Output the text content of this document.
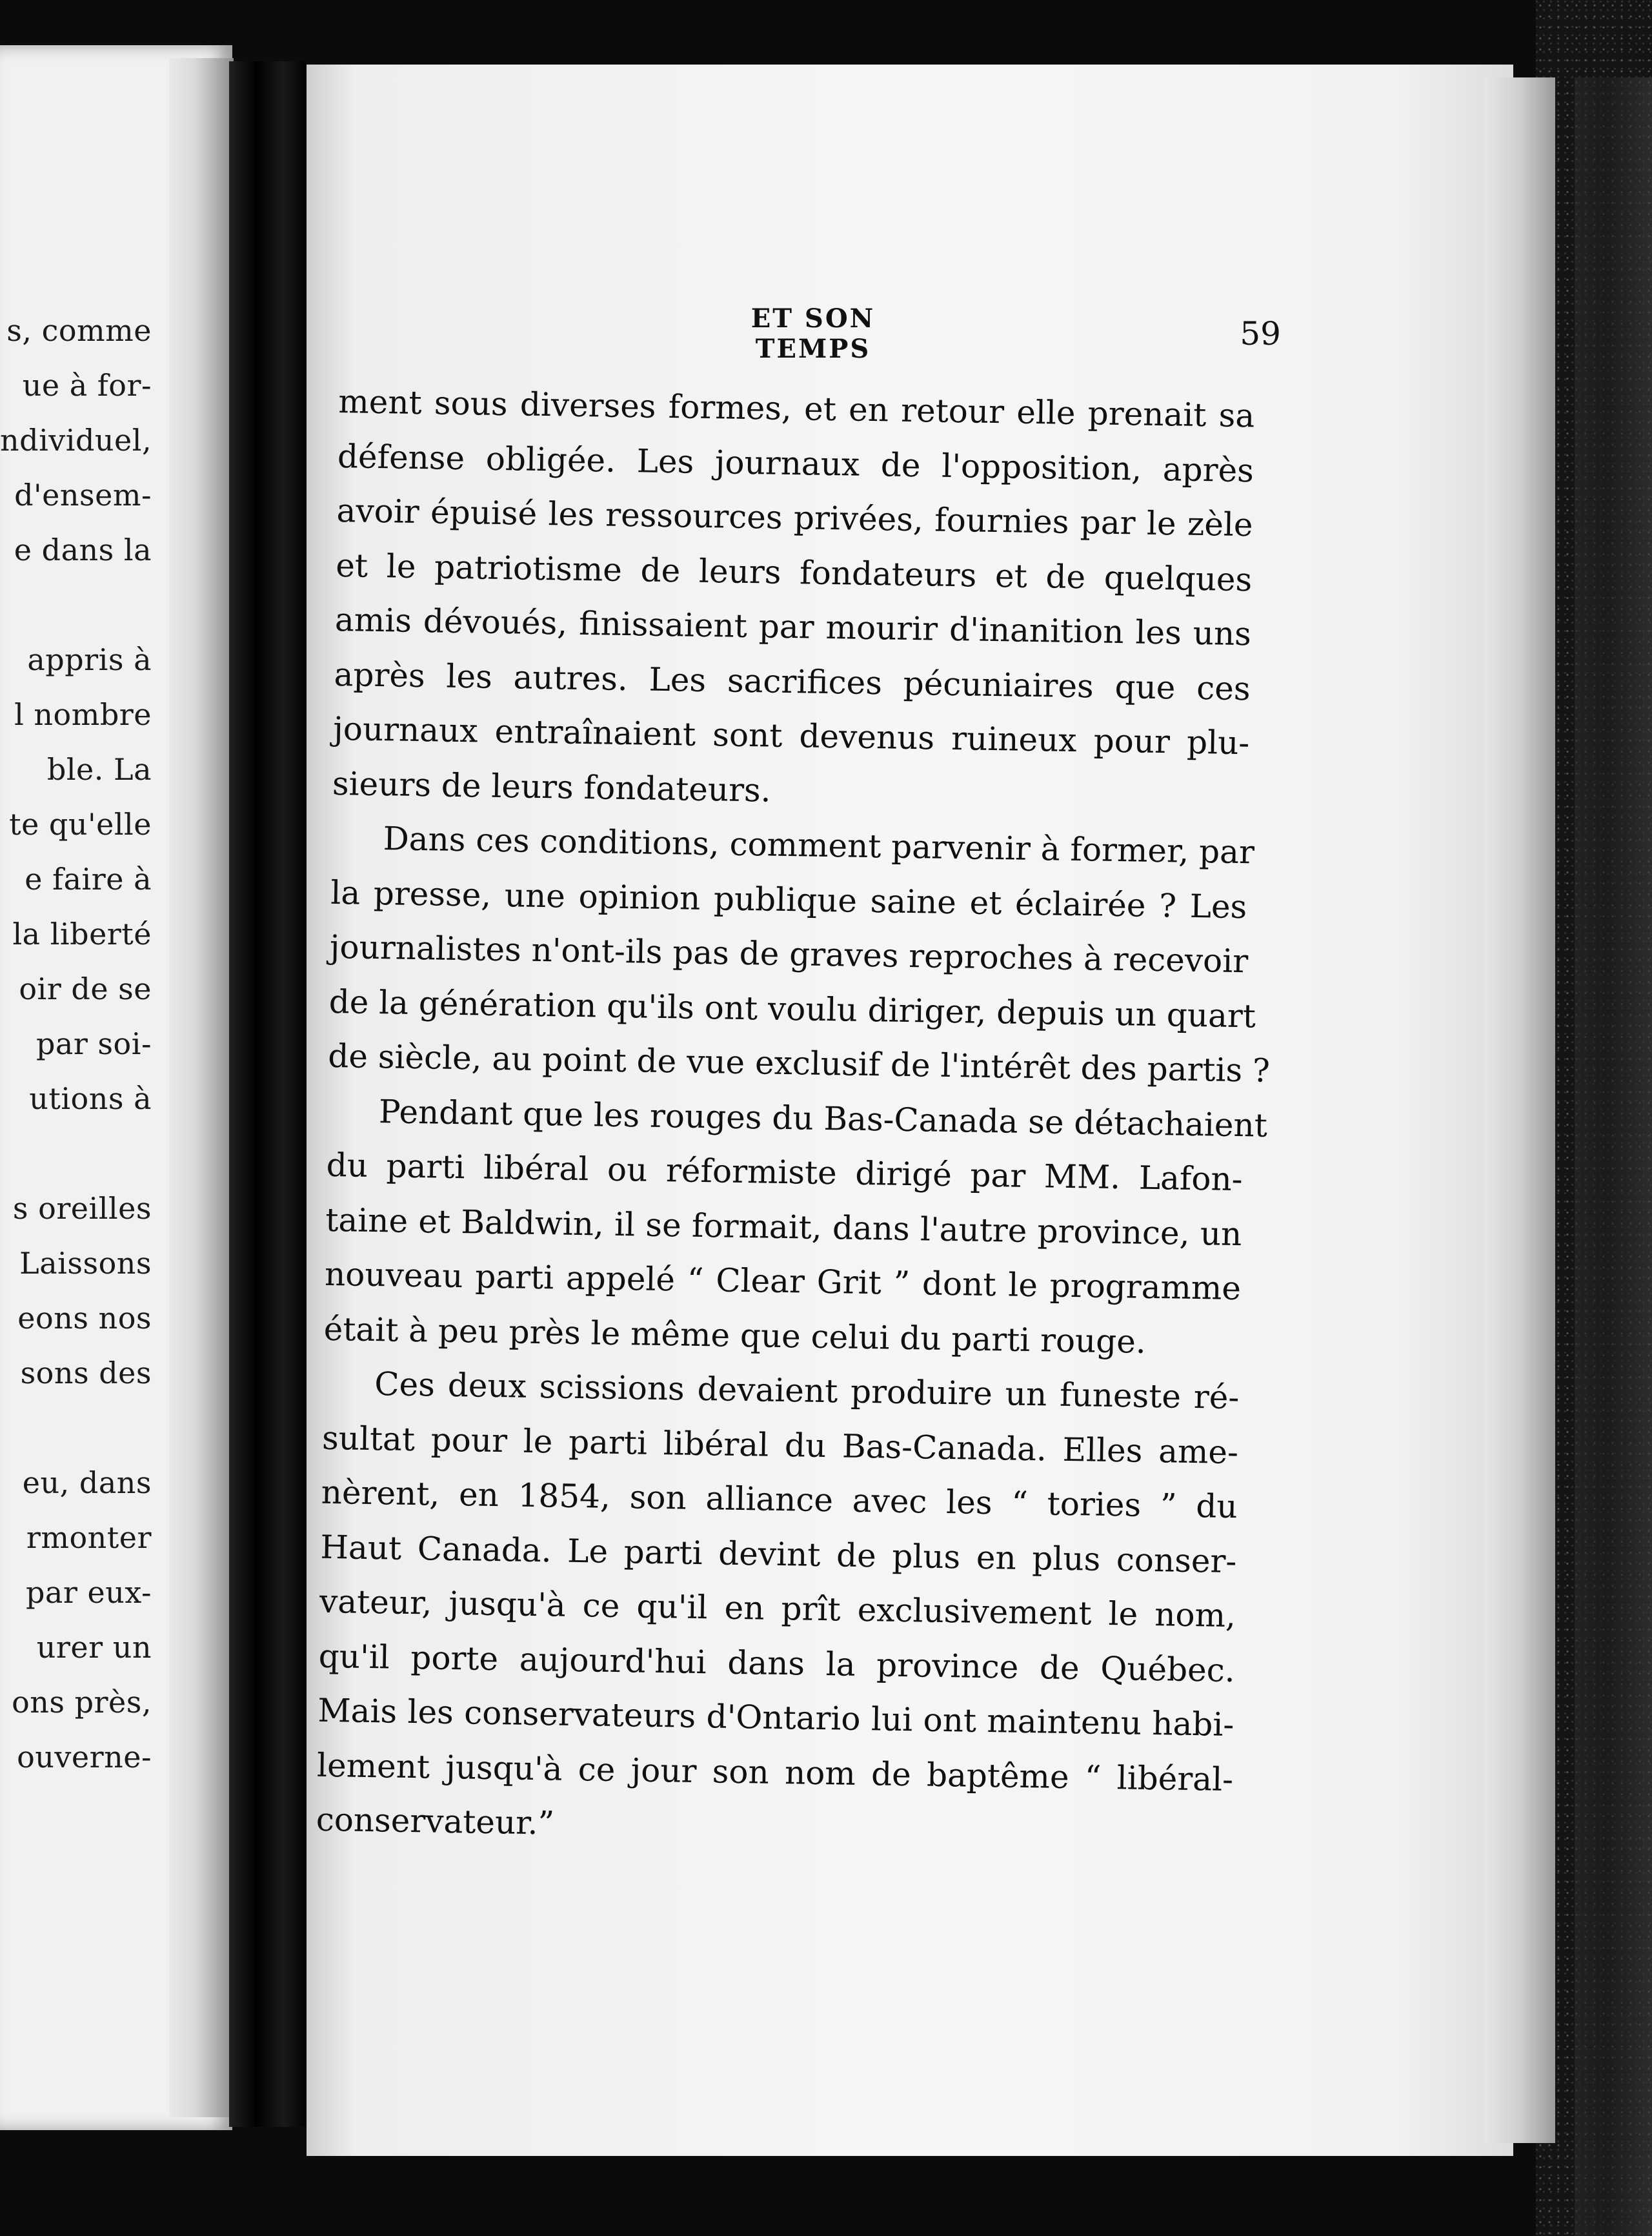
s, comme
ue à for-
ndividuel,
d'ensem-
e dans la
appris à
l nombre
ble. La
te qu'elle
e faire à
la liberté
oir de se
par soi-
utions à
s oreilles
Laissons
eons nos
sons des
eu, dans
rmonter
par eux-
urer un
ons près,
ouverne-
ET SON TEMPS	59
ment sous diverses formes, et en retour elle prenait sa
défense obligée. Les journaux de l'opposition, après
avoir épuisé les ressources privées, fournies par le zèle
et le patriotisme de leurs fondateurs et de quelques
amis dévoués, finissaient par mourir d'inanition les uns
après les autres. Les sacrifices pécuniaires que ces
journaux entraînaient sont devenus ruineux pour plu-
sieurs de leurs fondateurs.
Dans ces conditions, comment parvenir à former, par
la presse, une opinion publique saine et éclairée ? Les
journalistes n'ont-ils pas de graves reproches à recevoir
de la génération qu'ils ont voulu diriger, depuis un quart
de siècle, au point de vue exclusif de l'intérêt des partis ?
Pendant que les rouges du Bas-Canada se détachaient
du parti libéral ou réformiste dirigé par MM. Lafon-
taine et Baldwin, il se formait, dans l'autre province, un
nouveau parti appelé “ Clear Grit ” dont le programme
était à peu près le même que celui du parti rouge.
Ces deux scissions devaient produire un funeste ré-
sultat pour le parti libéral du Bas-Canada. Elles ame-
nèrent, en 1854, son alliance avec les “ tories ” du
Haut Canada. Le parti devint de plus en plus conser-
vateur, jusqu'à ce qu'il en prît exclusivement le nom,
qu'il porte aujourd'hui dans la province de Québec.
Mais les conservateurs d'Ontario lui ont maintenu habi-
lement jusqu'à ce jour son nom de baptême “ libéral-
conservateur.”
